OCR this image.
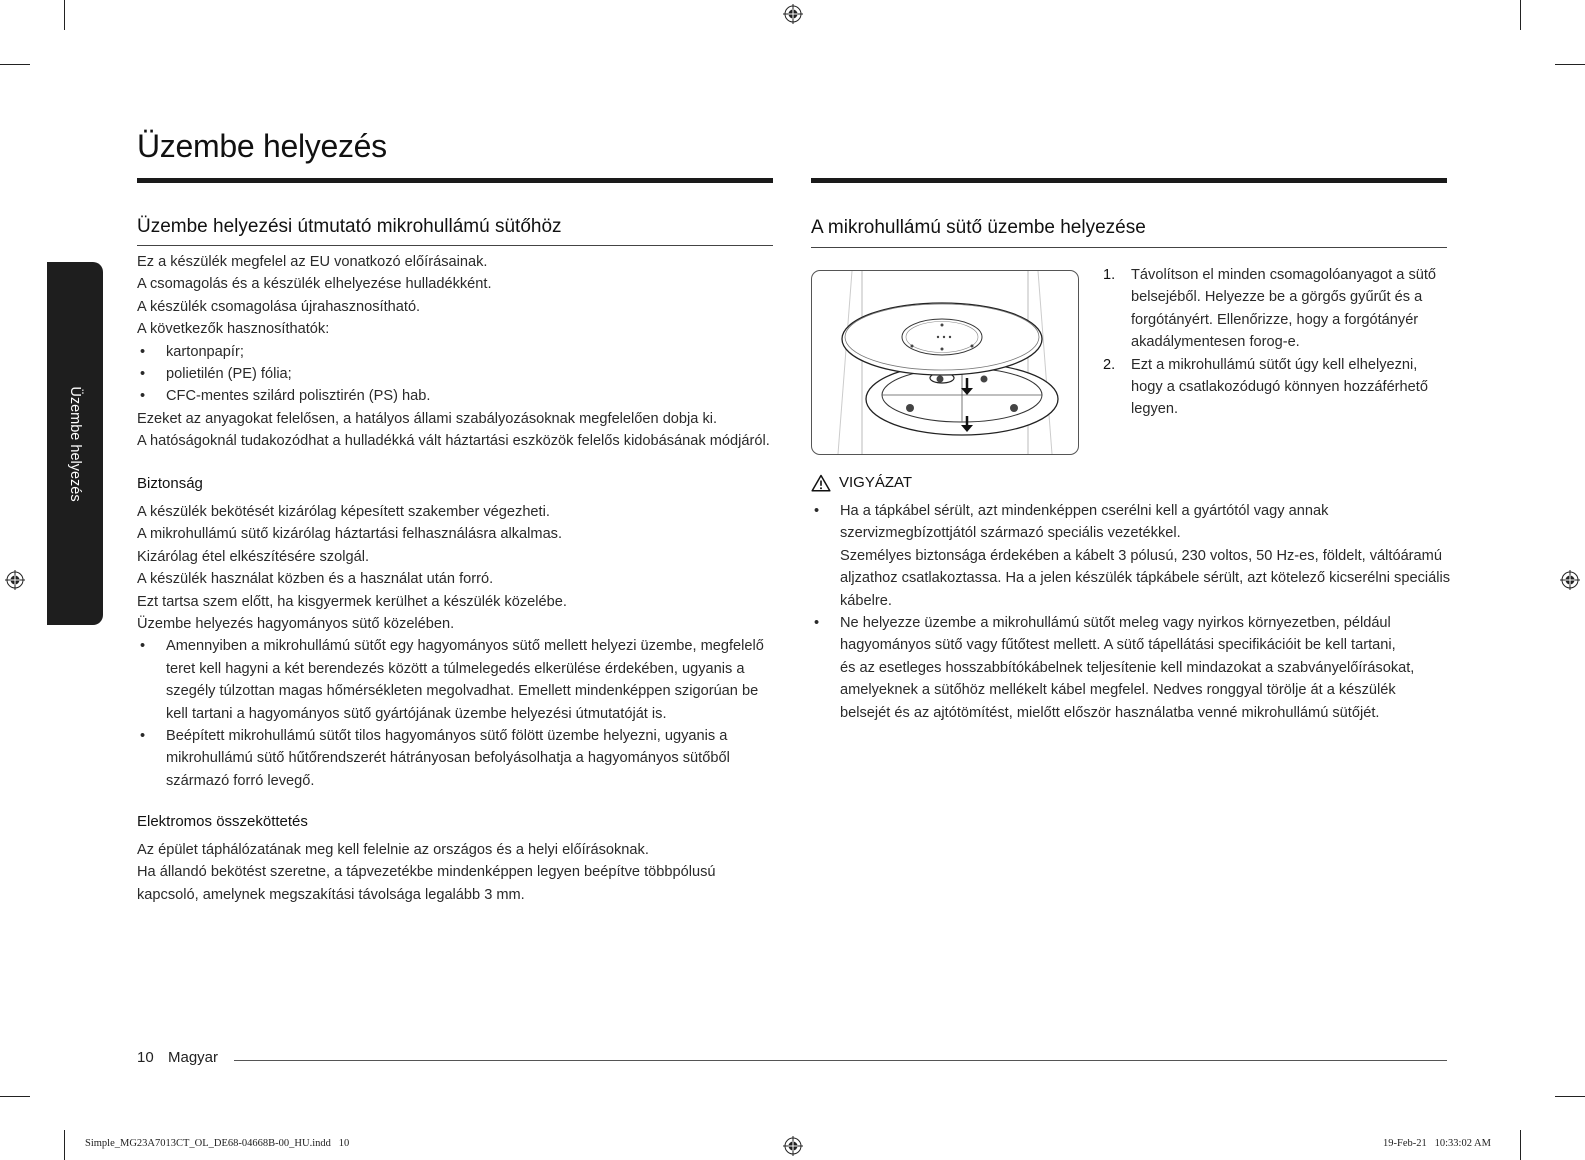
Üzembe helyezés
Üzembe helyezés
Üzembe helyezési útmutató mikrohullámú sütőhöz

Ez a készülék megfelel az EU vonatkozó előírásainak.

A csomagolás és a készülék elhelyezése hulladékként.

A készülék csomagolása újrahasznosítható.

A következők hasznosíthatók:

• kartonpapír;
• polietilén (PE) fólia;
• CFC-mentes szilárd polisztirén (PS) hab.

Ezeket az anyagokat felelősen, a hatályos állami szabályozásoknak megfelelően dobja ki.

A hatóságoknál tudakozódhat a hulladékká vált háztartási eszközök felelős kidobásának módjáról.

Biztonság

A készülék bekötését kizárólag képesített szakember végezheti.

A mikrohullámú sütő kizárólag háztartási felhasználásra alkalmas.

Kizárólag étel elkészítésére szolgál.

A készülék használat közben és a használat után forró.

Ezt tartsa szem előtt, ha kisgyermek kerülhet a készülék közelébe.

Üzembe helyezés hagyományos sütő közelében.

• Amennyiben a mikrohullámú sütőt egy hagyományos sütő mellett helyezi üzembe, megfelelő
teret kell hagyni a két berendezés között a túlmelegedés elkerülése érdekében, ugyanis a
szegély túlzottan magas hőmérsékleten megolvadhat. Emellett mindenképpen szigorúan be
kell tartani a hagyományos sütő gyártójának üzembe helyezési útmutatóját is.
• Beépített mikrohullámú sütőt tilos hagyományos sütő fölött üzembe helyezni, ugyanis a
mikrohullámú sütő hűtőrendszerét hátrányosan befolyásolhatja a hagyományos sütőből
származó forró levegő.
Elektromos összeköttetés

Az épület táphálózatának meg kell felelnie az országos és a helyi előírásoknak.

Ha állandó bekötést szeretne, a tápvezetékbe mindenképpen legyen beépítve többpólusú

kapcsoló, amelynek megszakítási távolsága legalább 3 mm.

A mikrohullámú sütő üzembe helyezése
1. Távolítson el minden csomagolóanyagot a sütő
belsejéből. Helyezze be a görgős gyűrűt és a
forgótányért. Ellenőrizze, hogy a forgótányér
akadálymentesen forog-e.
2. Ezt a mikrohullámú sütőt úgy kell elhelyezni,
hogy a csatlakozódugó könnyen hozzáférhető
legyen.
VIGYÁZAT
• Ha a tápkábel sérült, azt mindenképpen cserélni kell a gyártótól vagy annak
szervizmegbízottjától származó speciális vezetékkel.
Személyes biztonsága érdekében a kábelt 3 pólusú, 230 voltos, 50 Hz-es, földelt, váltóáramú
aljzathoz csatlakoztassa. Ha a jelen készülék tápkábele sérült, azt kötelező kicserélni speciális
kábelre.
• Ne helyezze üzembe a mikrohullámú sütőt meleg vagy nyirkos környezetben, például
hagyományos sütő vagy fűtőtest mellett. A sütő tápellátási specifikációit be kell tartani,
és az esetleges hosszabbítókábelnek teljesítenie kell mindazokat a szabványelőírásokat,
amelyeknek a sütőhöz mellékelt kábel megfelel. Nedves ronggyal törölje át a készülék
belsejét és az ajtótömítést, mielőtt először használatba venné mikrohullámú sütőjét.
10 Magyar
Simple_MG23A7013CT_OL_DE68-04668B-00_HU.indd   10	19-Feb-21   10:33:02 AM
